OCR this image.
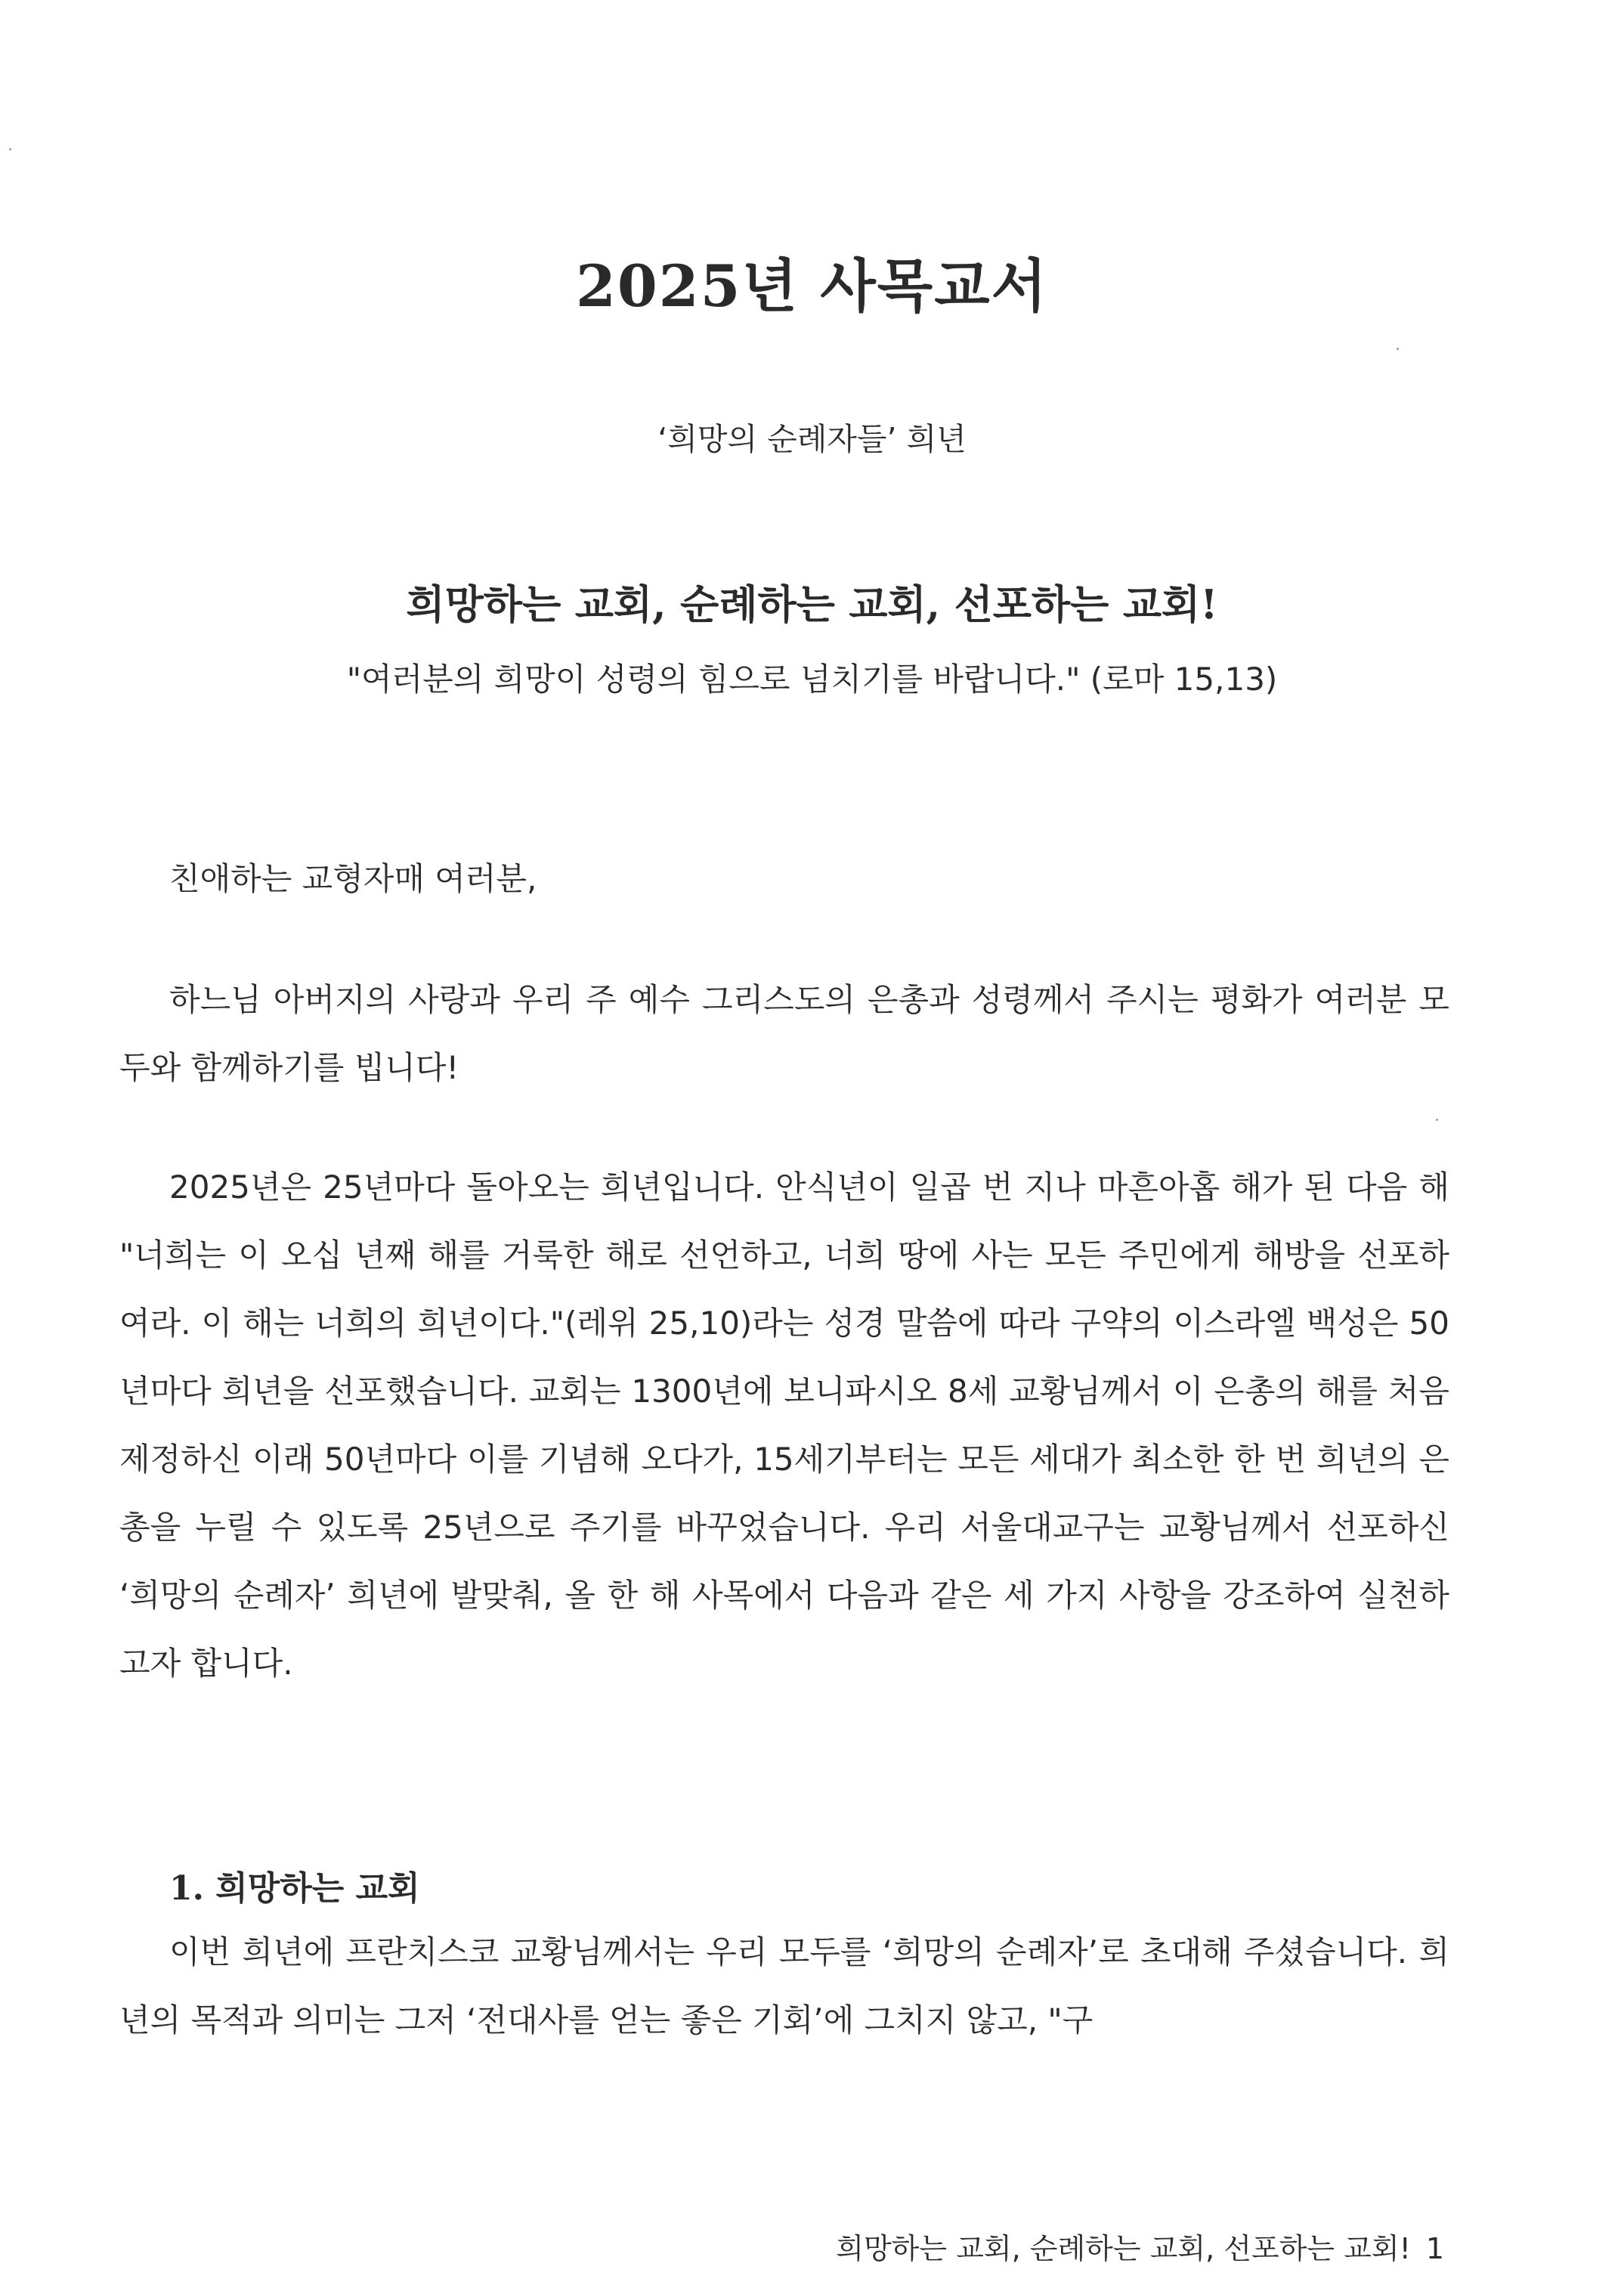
2025년 사목교서

‘희망의 순례자들’ 희년

희망하는 교회, 순례하는 교회, 선포하는 교회!

"여러분의 희망이 성령의 힘으로 넘치기를 바랍니다." (로마 15,13)

친애하는 교형자매 여러분,

하느님 아버지의 사랑과 우리 주 예수 그리스도의 은총과 성령께서 주시는 평화가 여러분 모두와 함께하기를 빕니다!

2025년은 25년마다 돌아오는 희년입니다. 안식년이 일곱 번 지나 마흔아홉 해가 된 다음 해 "너희는 이 오십 년째 해를 거룩한 해로 선언하고, 너희 땅에 사는 모든 주민에게 해방을 선포하여라. 이 해는 너희의 희년이다."(레위 25,10)라는 성경 말씀에 따라 구약의 이스라엘 백성은 50년마다 희년을 선포했습니다. 교회는 1300년에 보니파시오 8세 교황님께서 이 은총의 해를 처음 제정하신 이래 50년마다 이를 기념해 오다가, 15세기부터는 모든 세대가 최소한 한 번 희년의 은총을 누릴 수 있도록 25년으로 주기를 바꾸었습니다. 우리 서울대교구는 교황님께서 선포하신 ‘희망의 순례자’ 희년에 발맞춰, 올 한 해 사목에서 다음과 같은 세 가지 사항을 강조하여 실천하고자 합니다.

1. 희망하는 교회

이번 희년에 프란치스코 교황님께서는 우리 모두를 ‘희망의 순례자’로 초대해 주셨습니다. 희년의 목적과 의미는 그저 ‘전대사를 얻는 좋은 기회’에 그치지 않고, "구

희망하는 교회, 순례하는 교회, 선포하는 교회! 1
